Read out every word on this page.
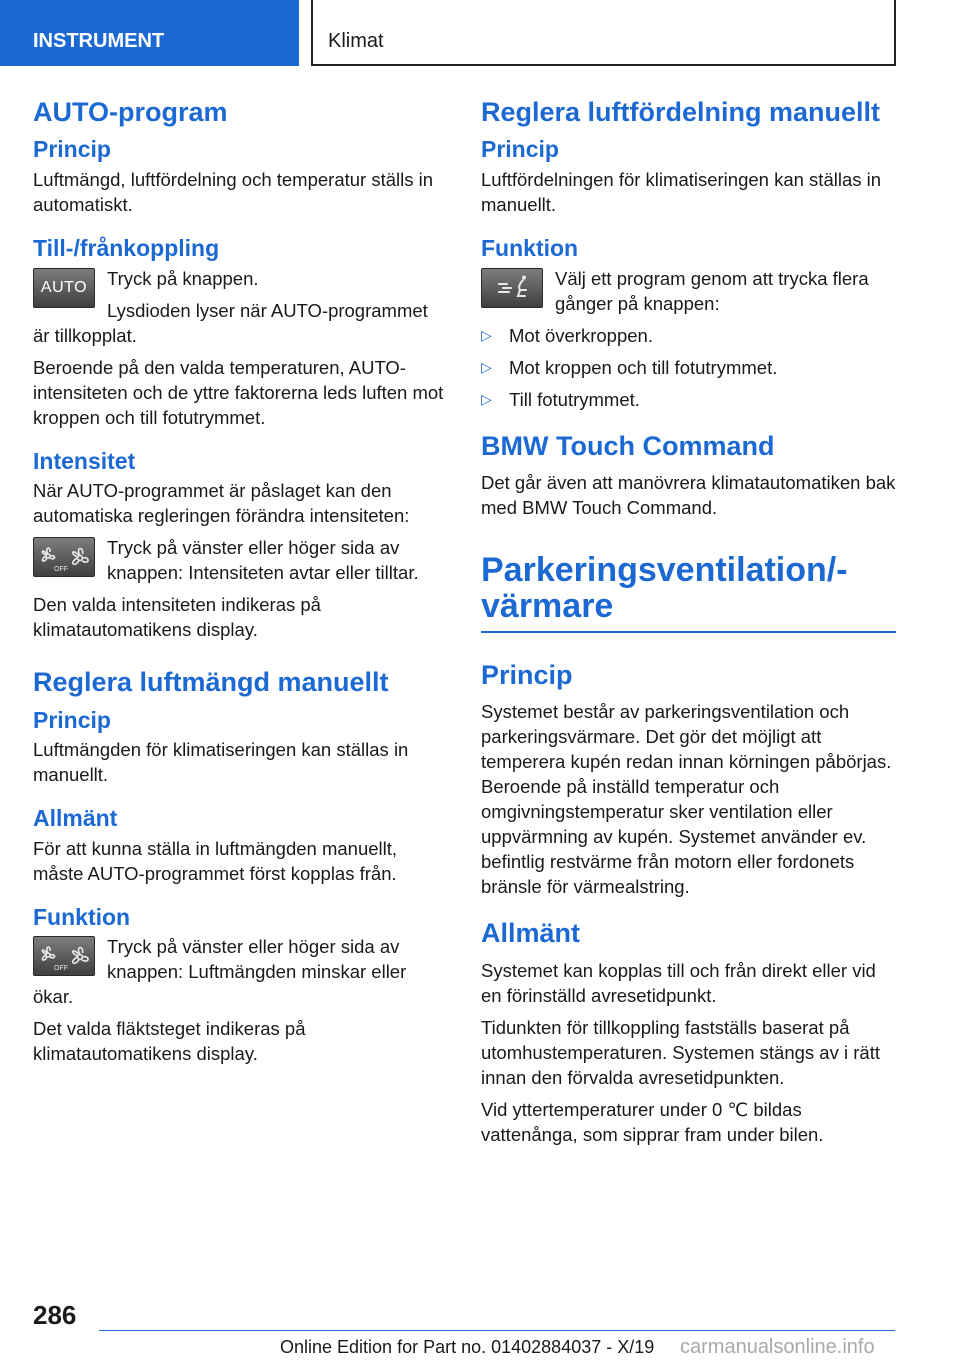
INSTRUMENT	Klimat
AUTO-program
Princip

Luftmängd, luftfördelning och temperatur ställs in automatiskt.

Till-/frånkoppling
AUTO	Tryck på knappen.

Lysdioden lyser när AUTO-programmet är tillkopplat.

Beroende på den valda temperaturen, AUTO-intensiteten och de yttre faktorerna leds luften mot kroppen och till fotutrymmet.

Intensitet

När AUTO-programmet är påslaget kan den automatiska regleringen förändra intensiteten:

OFF

Tryck på vänster eller höger sida av knappen: Intensiteten avtar eller tilltar.

Den valda intensiteten indikeras på klimatautomatikens display.

Reglera luftmängd manuellt
Princip

Luftmängden för klimatiseringen kan ställas in manuellt.

Allmänt

För att kunna ställa in luftmängden manuellt, måste AUTO-programmet först kopplas från.

Funktion
OFF

Tryck på vänster eller höger sida av knappen: Luftmängden minskar eller ökar.

Det valda fläktsteget indikeras på klimatautomatikens display.

Reglera luftfördelning manuellt
Princip

Luftfördelningen för klimatiseringen kan ställas in manuellt.

Funktion

Välj ett program genom att trycka flera gånger på knappen:

▷ Mot överkroppen.
▷ Mot kroppen och till fotutrymmet.
▷ Till fotutrymmet.
BMW Touch Command

Det går även att manövrera klimatautomatiken bak med BMW Touch Command.

Parkeringsventilation/-värmare
Princip

Systemet består av parkeringsventilation och parkeringsvärmare. Det gör det möjligt att temperera kupén redan innan körningen påbörjas. Beroende på inställd temperatur och omgivningstemperatur sker ventilation eller uppvärmning av kupén. Systemet använder ev. befintlig restvärme från motorn eller fordonets bränsle för värmealstring.

Allmänt

Systemet kan kopplas till och från direkt eller vid en förinställd avresetidpunkt.

Tidunkten för tillkoppling fastställs baserat på utomhustemperaturen. Systemen stängs av i rätt innan den förvalda avresetidpunkten.

Vid yttertemperaturer under 0 ℃ bildas vattenånga, som sipprar fram under bilen.

286
Online Edition for Part no. 01402884037 - X/19 carmanualsonline.info
